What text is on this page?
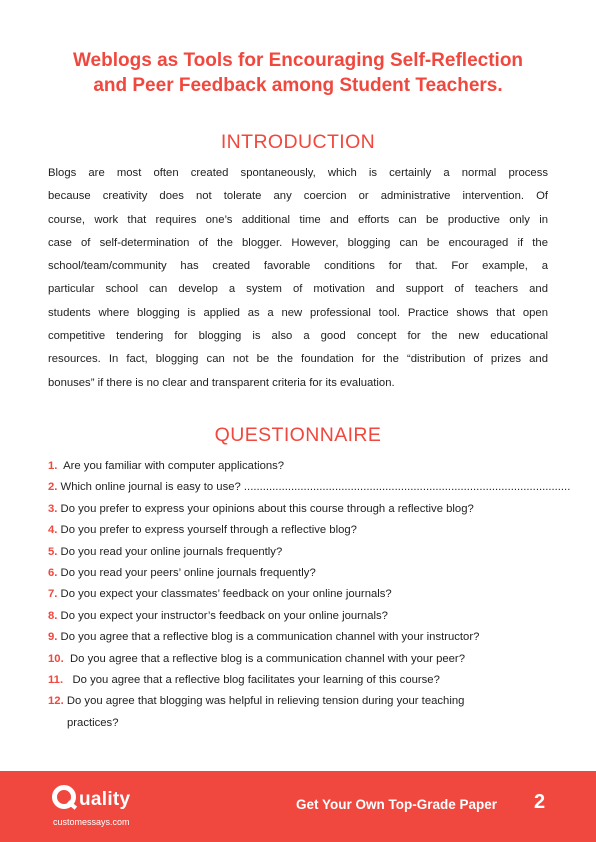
Weblogs as Tools for Encouraging Self-Reflection
and Peer Feedback among Student Teachers.
INTRODUCTION
Blogs are most often created spontaneously, which is certainly a normal process
because creativity does not tolerate any coercion or administrative intervention. Of
course, work that requires one’s additional time and efforts can be productive only in
case of self-determination of the blogger. However, blogging can be encouraged if the
school/team/community has created favorable conditions for that. For example, a
particular school can develop a system of motivation and support of teachers and
students where blogging is applied as a new professional tool. Practice shows that open
competitive tendering for blogging is also a good concept for the new educational
resources. In fact, blogging can not be the foundation for the “distribution of prizes and
bonuses” if there is no clear and transparent criteria for its evaluation.
QUESTIONNAIRE
1.  Are you familiar with computer applications?
2. Which online journal is easy to use? ........................................................................................................
3. Do you prefer to express your opinions about this course through a reflective blog?
4. Do you prefer to express yourself through a reflective blog?
5. Do you read your online journals frequently?
6. Do you read your peers’ online journals frequently?
7. Do you expect your classmates’ feedback on your online journals?
8. Do you expect your instructor’s feedback on your online journals?
9. Do you agree that a reflective blog is a communication channel with your instructor?
10.  Do you agree that a reflective blog is a communication channel with your peer?
11.   Do you agree that a reflective blog facilitates your learning of this course?
12. Do you agree that blogging was helpful in relieving tension during your teaching
practices?
uality
customessays.com
Get Your Own Top-Grade Paper 2
